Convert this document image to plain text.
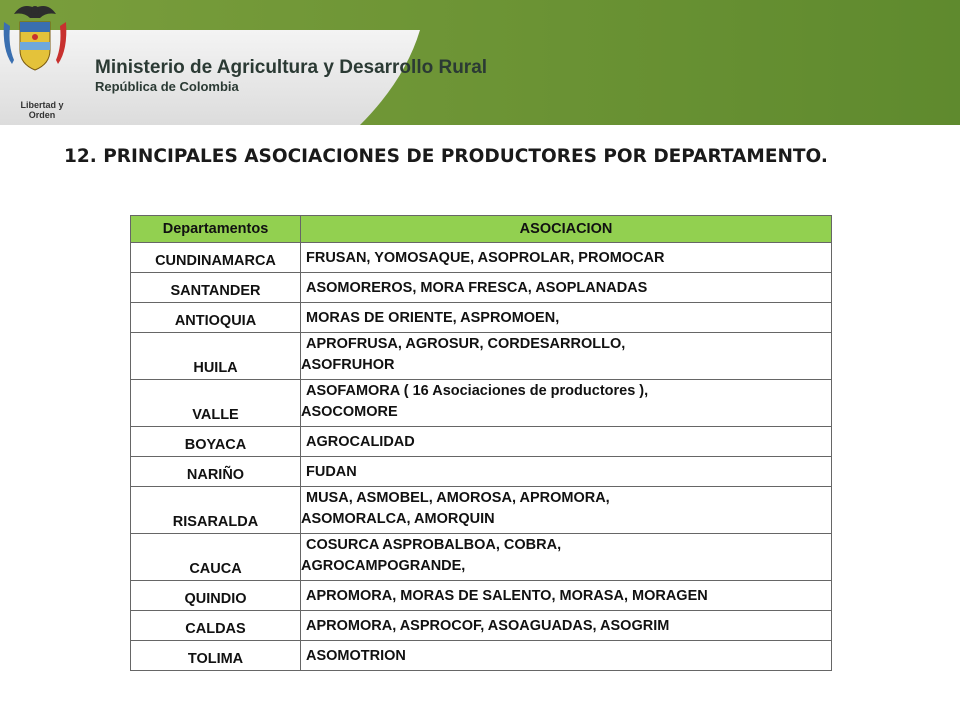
Libertad y Orden
Ministerio de Agricultura y Desarrollo Rural
República de Colombia
12. PRINCIPALES ASOCIACIONES DE PRODUCTORES POR DEPARTAMENTO.
Departamentos	ASOCIACION
CUNDINAMARCA	FRUSAN, YOMOSAQUE, ASOPROLAR, PROMOCAR

SANTANDER	ASOMOREROS, MORA FRESCA, ASOPLANADAS

ANTIOQUIA	MORAS DE ORIENTE, ASPROMOEN,

HUILA	APROFRUSA, AGROSUR, CORDESARROLLO,
ASOFRUHOR

VALLE	ASOFAMORA ( 16 Asociaciones de productores ),
ASOCOMORE

BOYACA	AGROCALIDAD

NARIÑO	FUDAN

RISARALDA	MUSA, ASMOBEL, AMOROSA, APROMORA,
ASOMORALCA, AMORQUIN

CAUCA	COSURCA ASPROBALBOA, COBRA,
AGROCAMPOGRANDE,

QUINDIO	APROMORA, MORAS DE SALENTO, MORASA, MORAGEN

CALDAS	APROMORA, ASPROCOF, ASOAGUADAS, ASOGRIM

TOLIMA	ASOMOTRION
